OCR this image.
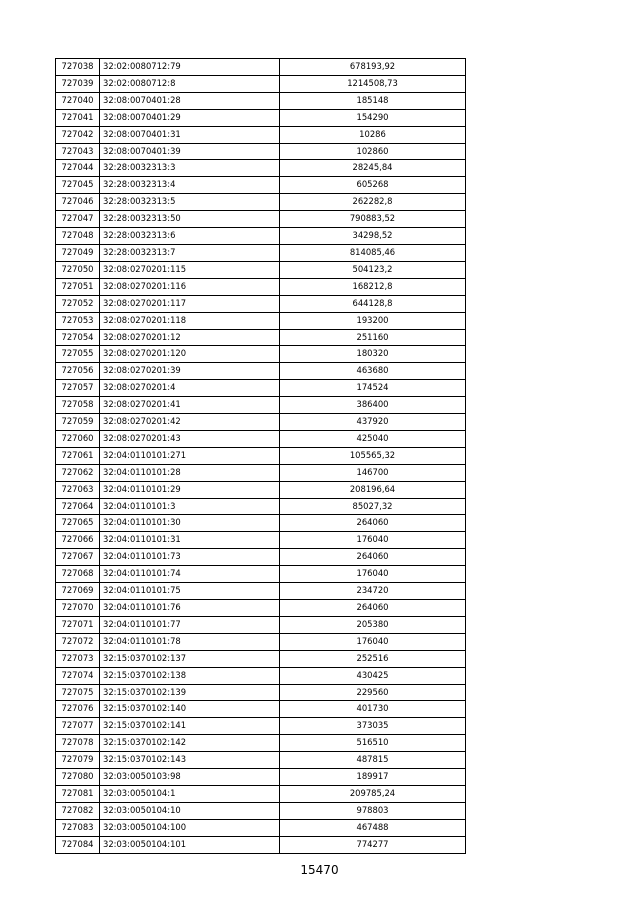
727038	32:02:0080712:79	678193,92
727039	32:02:0080712:8	1214508,73
727040	32:08:0070401:28	185148
727041	32:08:0070401:29	154290
727042	32:08:0070401:31	10286
727043	32:08:0070401:39	102860
727044	32:28:0032313:3	28245,84
727045	32:28:0032313:4	605268
727046	32:28:0032313:5	262282,8
727047	32:28:0032313:50	790883,52
727048	32:28:0032313:6	34298,52
727049	32:28:0032313:7	814085,46
727050	32:08:0270201:115	504123,2
727051	32:08:0270201:116	168212,8
727052	32:08:0270201:117	644128,8
727053	32:08:0270201:118	193200
727054	32:08:0270201:12	251160
727055	32:08:0270201:120	180320
727056	32:08:0270201:39	463680
727057	32:08:0270201:4	174524
727058	32:08:0270201:41	386400
727059	32:08:0270201:42	437920
727060	32:08:0270201:43	425040
727061	32:04:0110101:271	105565,32
727062	32:04:0110101:28	146700
727063	32:04:0110101:29	208196,64
727064	32:04:0110101:3	85027,32
727065	32:04:0110101:30	264060
727066	32:04:0110101:31	176040
727067	32:04:0110101:73	264060
727068	32:04:0110101:74	176040
727069	32:04:0110101:75	234720
727070	32:04:0110101:76	264060
727071	32:04:0110101:77	205380
727072	32:04:0110101:78	176040
727073	32:15:0370102:137	252516
727074	32:15:0370102:138	430425
727075	32:15:0370102:139	229560
727076	32:15:0370102:140	401730
727077	32:15:0370102:141	373035
727078	32:15:0370102:142	516510
727079	32:15:0370102:143	487815
727080	32:03:0050103:98	189917
727081	32:03:0050104:1	209785,24
727082	32:03:0050104:10	978803
727083	32:03:0050104:100	467488
727084	32:03:0050104:101	774277
15470
